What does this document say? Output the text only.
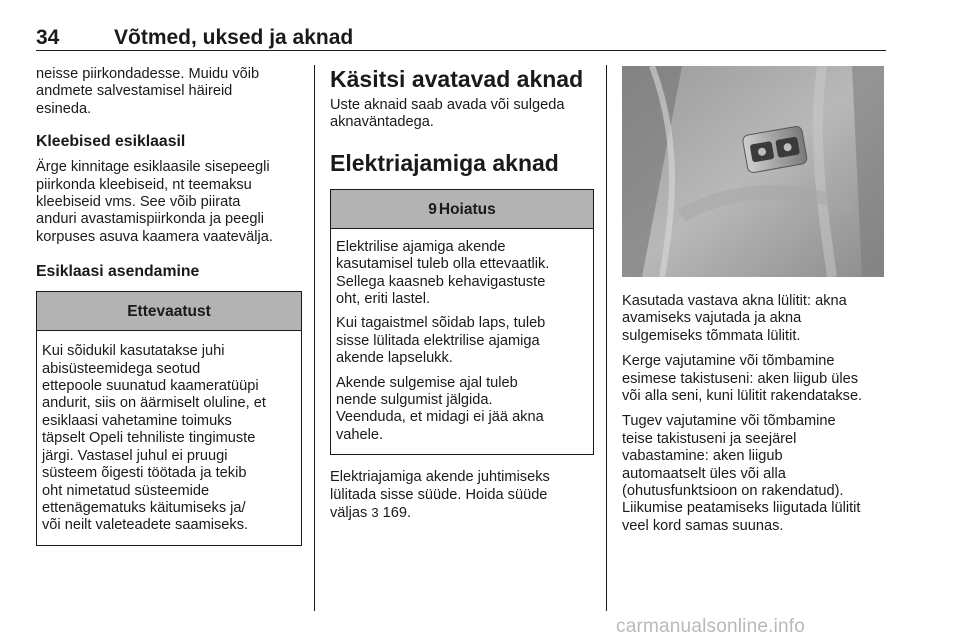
34	Võtmed, uksed ja aknad

neisse piirkondadesse. Muidu võib
andmete salvestamisel häireid
esineda.

Kleebised esiklaasil

Ärge kinnitage esiklaasile sisepeegli
piirkonda kleebiseid, nt teemaksu
kleebiseid vms. See võib piirata
anduri avastamispiirkonda ja peegli
korpuses asuva kaamera vaatevälja.

Esiklaasi asendamine
Ettevaatust

Kui sõidukil kasutatakse juhi
abisüsteemidega seotud
ettepoole suunatud kaameratüüpi
andurit, siis on äärmiselt oluline, et
esiklaasi vahetamine toimuks
täpselt Opeli tehniliste tingimuste
järgi. Vastasel juhul ei pruugi
süsteem õigesti töötada ja tekib
oht nimetatud süsteemide
ettenägematuks käitumiseks ja/
või neilt valeteadete saamiseks.

Käsitsi avatavad aknad

Uste aknaid saab avada või sulgeda
aknaväntadega.

Elektriajamiga aknad
9 Hoiatus

Elektrilise ajamiga akende
kasutamisel tuleb olla ettevaatlik.
Sellega kaasneb kehavigastuste
oht, eriti lastel.

Kui tagaistmel sõidab laps, tuleb
sisse lülitada elektrilise ajamiga
akende lapselukk.

Akende sulgemise ajal tuleb
nende sulgumist jälgida.
Veenduda, et midagi ei jää akna
vahele.

Elektriajamiga akende juhtimiseks
lülitada sisse süüde. Hoida süüde
väljas 3 169.

Kasutada vastava akna lülitit: akna
avamiseks vajutada ja akna
sulgemiseks tõmmata lülitit.

Kerge vajutamine või tõmbamine
esimese takistuseni: aken liigub üles
või alla seni, kuni lülitit rakendatakse.

Tugev vajutamine või tõmbamine
teise takistuseni ja seejärel
vabastamine: aken liigub
automaatselt üles või alla
(ohutusfunktsioon on rakendatud).
Liikumise peatamiseks liigutada lülitit
veel kord samas suunas.

carmanualsonline.info
